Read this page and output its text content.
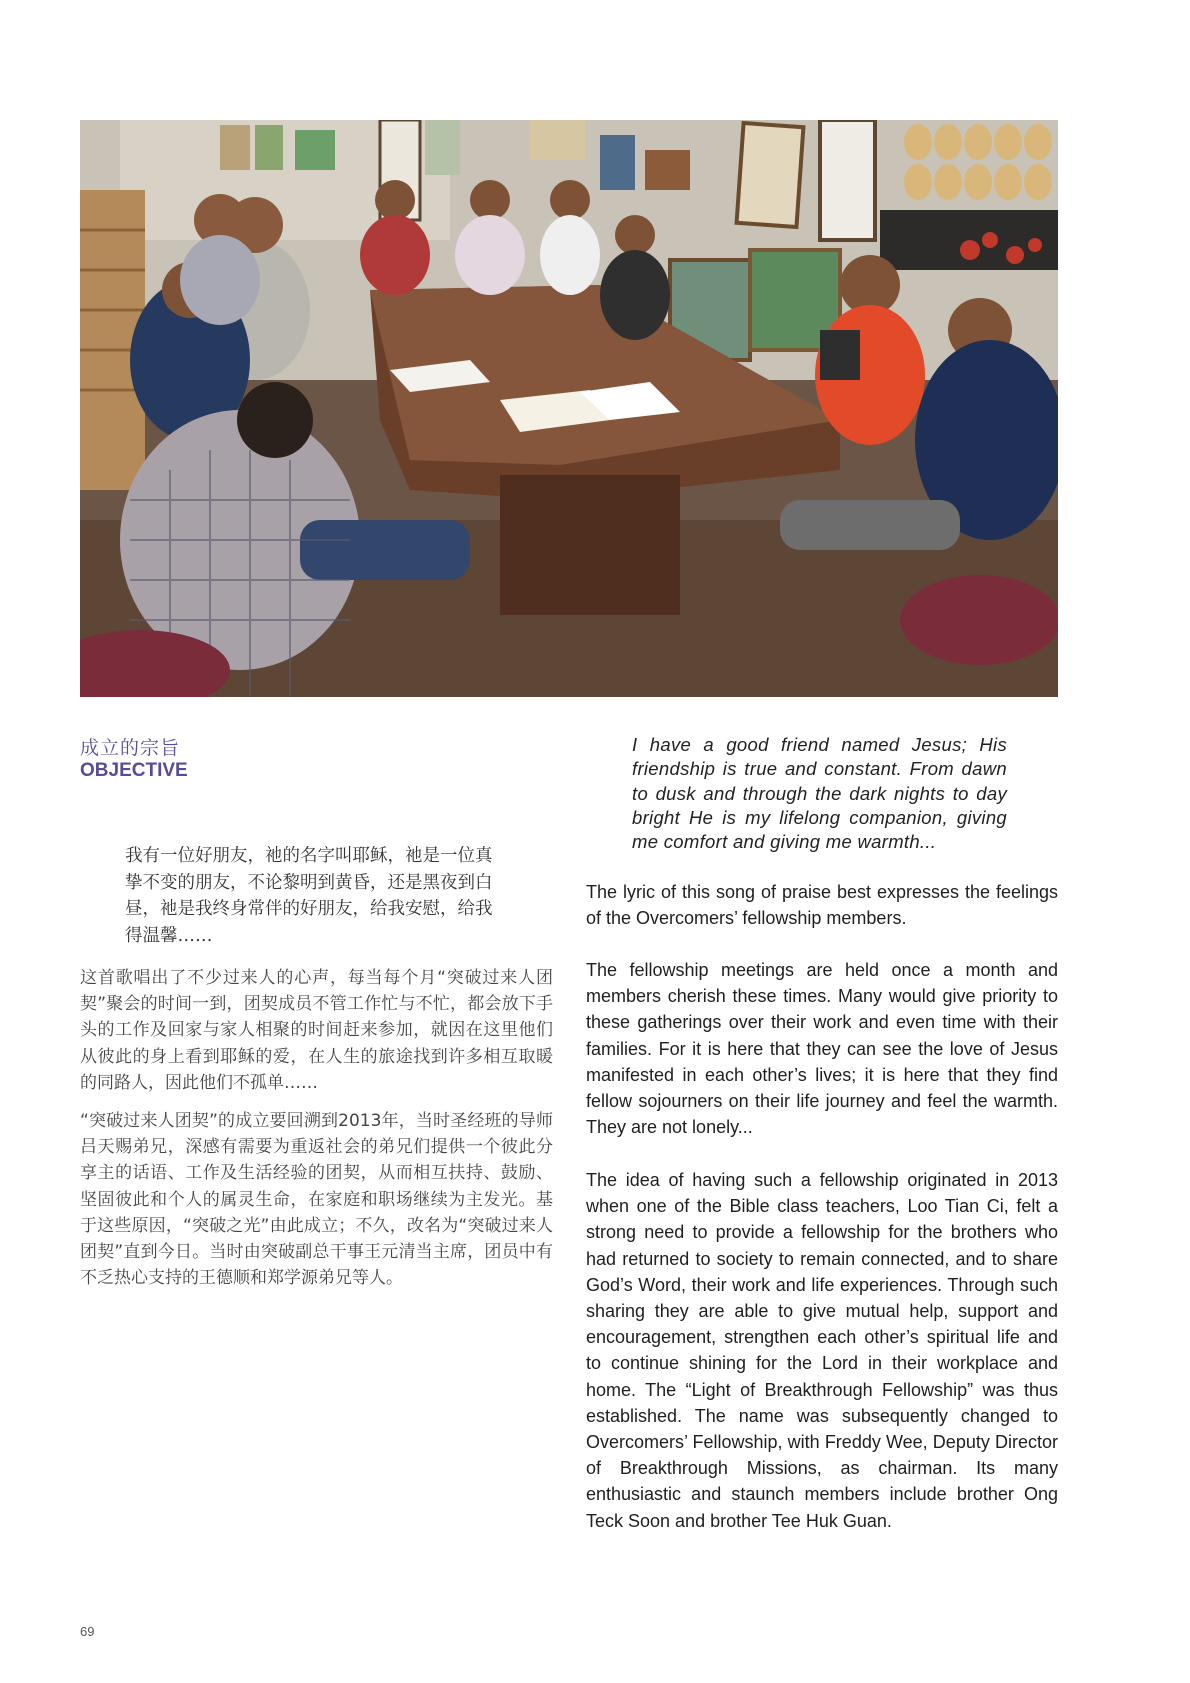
成立的宗旨
OBJECTIVE

我有一位好朋友，祂的名字叫耶稣，祂是一位真挚不变的朋友，不论黎明到黄昏，还是黑夜到白昼，祂是我终身常伴的好朋友，给我安慰，给我得温馨……

这首歌唱出了不少过来人的心声，每当每个月“突破过来人团契”聚会的时间一到，团契成员不管工作忙与不忙，都会放下手头的工作及回家与家人相聚的时间赶来参加，就因在这里他们从彼此的身上看到耶稣的爱，在人生的旅途找到许多相互取暖的同路人，因此他们不孤单……

“突破过来人团契”的成立要回溯到2013年，当时圣经班的导师吕天赐弟兄，深感有需要为重返社会的弟兄们提供一个彼此分享主的话语、工作及生活经验的团契，从而相互扶持、鼓励、坚固彼此和个人的属灵生命，在家庭和职场继续为主发光。基于这些原因，“突破之光”由此成立；不久，改名为“突破过来人团契”直到今日。当时由突破副总干事王元清当主席，团员中有不乏热心支持的王德顺和郑学源弟兄等人。

I have a good friend named Jesus; His friendship is true and constant. From dawn to dusk and through the dark nights to day bright He is my lifelong companion, giving me comfort and giving me warmth...

The lyric of this song of praise best expresses the feelings of the Overcomers’ fellowship members.

The fellowship meetings are held once a month and members cherish these times. Many would give priority to these gatherings over their work and even time with their families. For it is here that they can see the love of Jesus manifested in each other’s lives; it is here that they find fellow sojourners on their life journey and feel the warmth. They are not lonely...

The idea of having such a fellowship originated in 2013 when one of the Bible class teachers, Loo Tian Ci, felt a strong need to provide a fellowship for the brothers who had returned to society to remain connected, and to share God’s Word, their work and life experiences. Through such sharing they are able to give mutual help, support and encouragement, strengthen each other’s spiritual life and to continue shining for the Lord in their workplace and home. The “Light of Breakthrough Fellowship” was thus established. The name was subsequently changed to Overcomers’ Fellowship, with Freddy Wee, Deputy Director of Breakthrough Missions, as chairman. Its many enthusiastic and staunch members include brother Ong Teck Soon and brother Tee Huk Guan.

69
